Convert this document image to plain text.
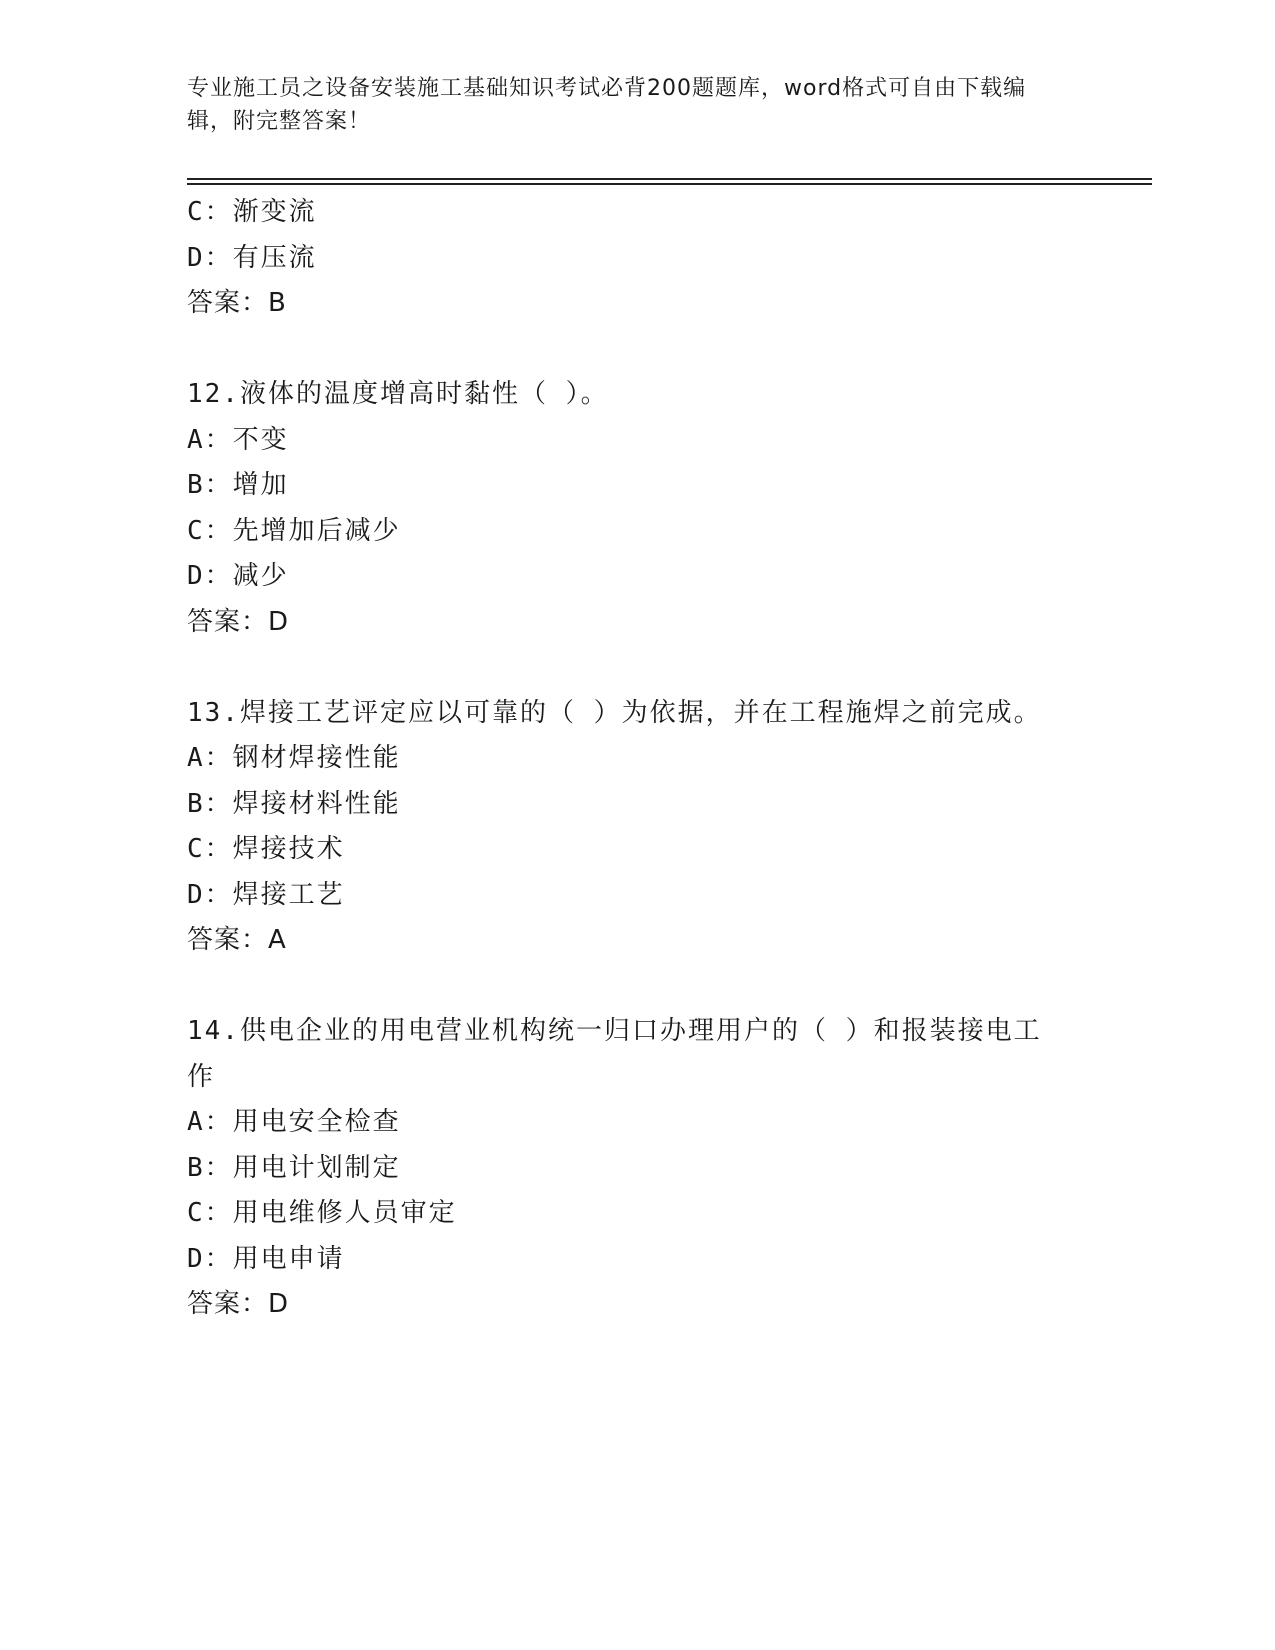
专业施工员之设备安装施工基础知识考试必背200题题库，word格式可自由下载编辑，附完整答案！
C：渐变流
D：有压流
答案：B
12.液体的温度增高时黏性（ ）。
A：不变
B：增加
C：先增加后减少
D：减少
答案：D
13.焊接工艺评定应以可靠的（ ）为依据，并在工程施焊之前完成。
A：钢材焊接性能
B：焊接材料性能
C：焊接技术
D：焊接工艺
答案：A
14.供电企业的用电营业机构统一归口办理用户的（ ）和报装接电工作
A：用电安全检查
B：用电计划制定
C：用电维修人员审定
D：用电申请
答案：D
